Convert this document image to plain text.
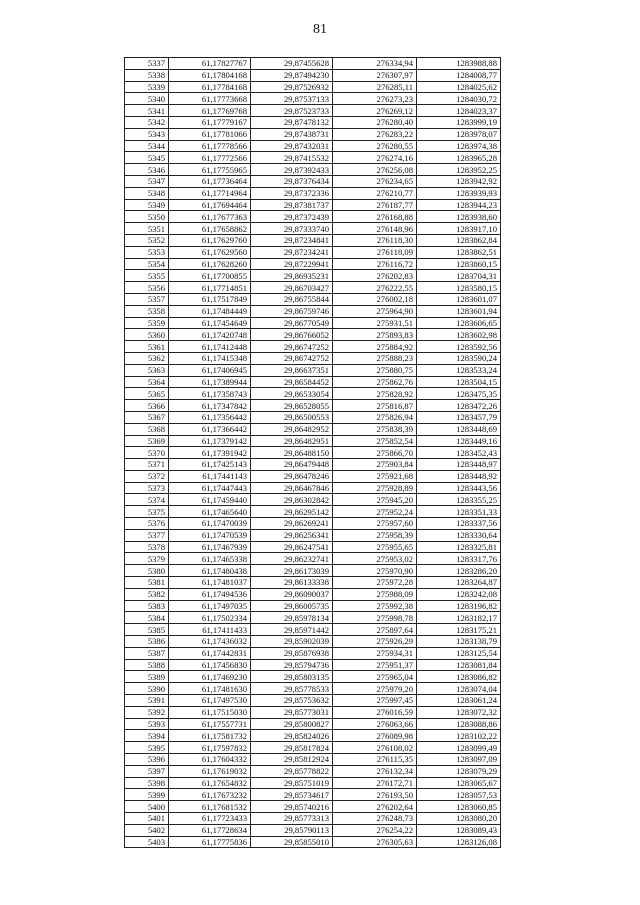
81
5337	61,17827767	29,87455628	276334,94	1283988,88
5338	61,17804168	29,87494230	276307,97	1284008,77
5339	61,17784168	29,87526932	276285,11	1284025,62
5340	61,17773668	29,87537133	276273,23	1284030,72
5341	61,17769768	29,87523733	276269,12	1284023,37
5342	61,17779167	29,87478132	276280,40	1283999,19
5343	61,17781066	29,87438731	276283,22	1283978,07
5344	61,17778566	29,87432031	276280,55	1283974,38
5345	61,17772566	29,87415532	276274,16	1283965,28
5346	61,17755965	29,87392433	276256,08	1283952,25
5347	61,17736464	29,87376434	276234,65	1283942,92
5348	61,17714964	29,87372336	276210,77	1283939,93
5349	61,17694464	29,87381737	276187,77	1283944,23
5350	61,17677363	29,87372439	276168,88	1283938,60
5351	61,17658862	29,87333740	276148,96	1283917,10
5352	61,17629760	29,87234841	276118,30	1283862,84
5353	61,17629560	29,87234241	276118,09	1283862,51
5354	61,17628260	29,87229941	276116,72	1283860,15
5355	61,17700855	29,86935231	276202,83	1283704,31
5356	61,17714851	29,86703427	276222,55	1283580,15
5357	61,17517849	29,86755844	276002,18	1283601,07
5358	61,17484449	29,86759746	275964,90	1283601,94
5359	61,17454649	29,86770549	275931,51	1283606,65
5360	61,17420748	29,86766052	275893,83	1283602,98
5361	61,17412448	29,86747252	275884,92	1283592,56
5362	61,17415348	29,86742752	275888,23	1283590,24
5363	61,17406945	29,86637351	275880,75	1283533,24
5364	61,17389944	29,86584452	275862,76	1283504,15
5365	61,17358743	29,86533054	275828,92	1283475,35
5366	61,17347842	29,86528055	275816,87	1283472,26
5367	61,17356442	29,86500553	275826,94	1283457,79
5368	61,17366442	29,86482952	275838,39	1283448,69
5369	61,17379142	29,86482951	275852,54	1283449,16
5370	61,17391942	29,86488150	275866,70	1283452,43
5371	61,17425143	29,86479448	275903,84	1283448,97
5372	61,17441143	29,86478246	275921,68	1283448,92
5373	61,17447443	29,86467846	275928,89	1283443,56
5374	61,17459440	29,86302842	275945,20	1283355,25
5375	61,17465640	29,86295142	275952,24	1283351,33
5376	61,17470039	29,86269241	275957,60	1283337,56
5377	61,17470539	29,86256341	275958,39	1283330,64
5378	61,17467939	29,86247541	275955,65	1283325,81
5379	61,17465338	29,86232741	275953,02	1283317,76
5380	61,17480438	29,86173039	275970,90	1283286,20
5381	61,17481037	29,86133338	275972,28	1283264,87
5382	61,17494536	29,86090037	275988,09	1283242,08
5383	61,17497035	29,86005735	275992,38	1283196,82
5384	61,17502334	29,85978134	275998,78	1283182,17
5385	61,17411433	29,85971442	275897,64	1283175,21
5386	61,17436032	29,85902039	275926,29	1283138,79
5387	61,17442831	29,85876938	275934,31	1283125,54
5388	61,17456830	29,85794736	275951,37	1283081,84
5389	61,17469230	29,85803135	275965,04	1283086,82
5390	61,17481630	29,85778533	275979,20	1283074,04
5391	61,17497530	29,85753632	275997,45	1283061,24
5392	61,17515030	29,85773031	276016,59	1283072,32
5393	61,17557731	29,85800827	276063,66	1283088,86
5394	61,17581732	29,85824026	276089,98	1283102,22
5395	61,17597832	29,85817824	276108,02	1283099,49
5396	61,17604332	29,85812924	276115,35	1283097,09
5397	61,17619032	29,85778822	276132,34	1283079,29
5398	61,17654832	29,85751019	276172,71	1283065,67
5399	61,17673232	29,85734617	276193,50	1283057,53
5400	61,17681532	29,85740216	276202,64	1283060,85
5401	61,17723433	29,85773313	276248,73	1283080,20
5402	61,17728634	29,85790113	276254,22	1283089,43
5403	61,17775836	29,85855010	276305,63	1283126,08
